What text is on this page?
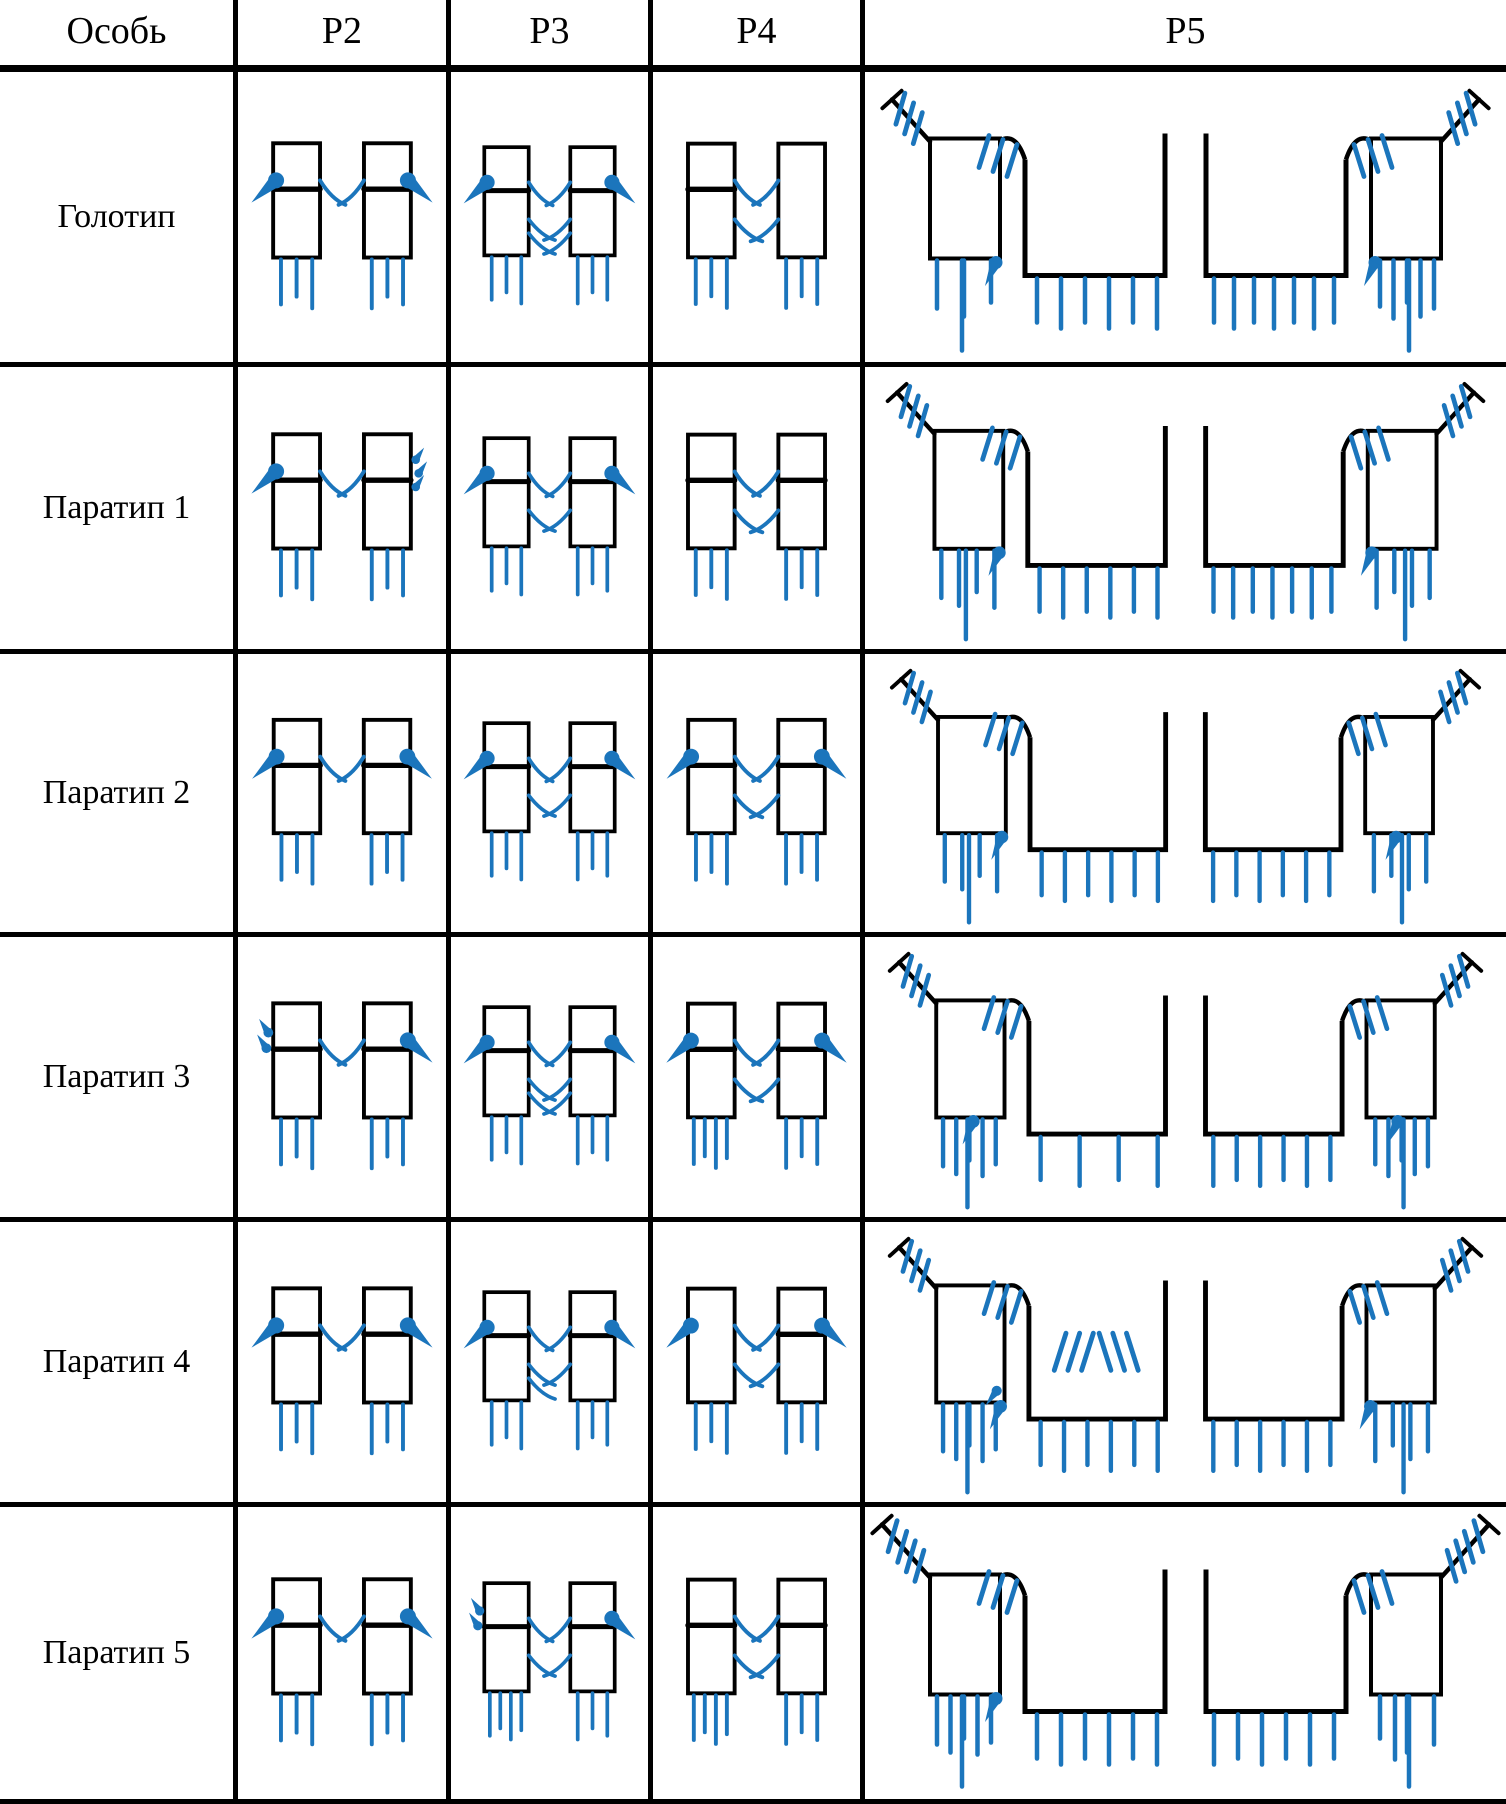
Особь	P2	P3	P4	P5
Голотип
Паратип 1
Паратип 2
Паратип 3
Паратип 4
Паратип 5
